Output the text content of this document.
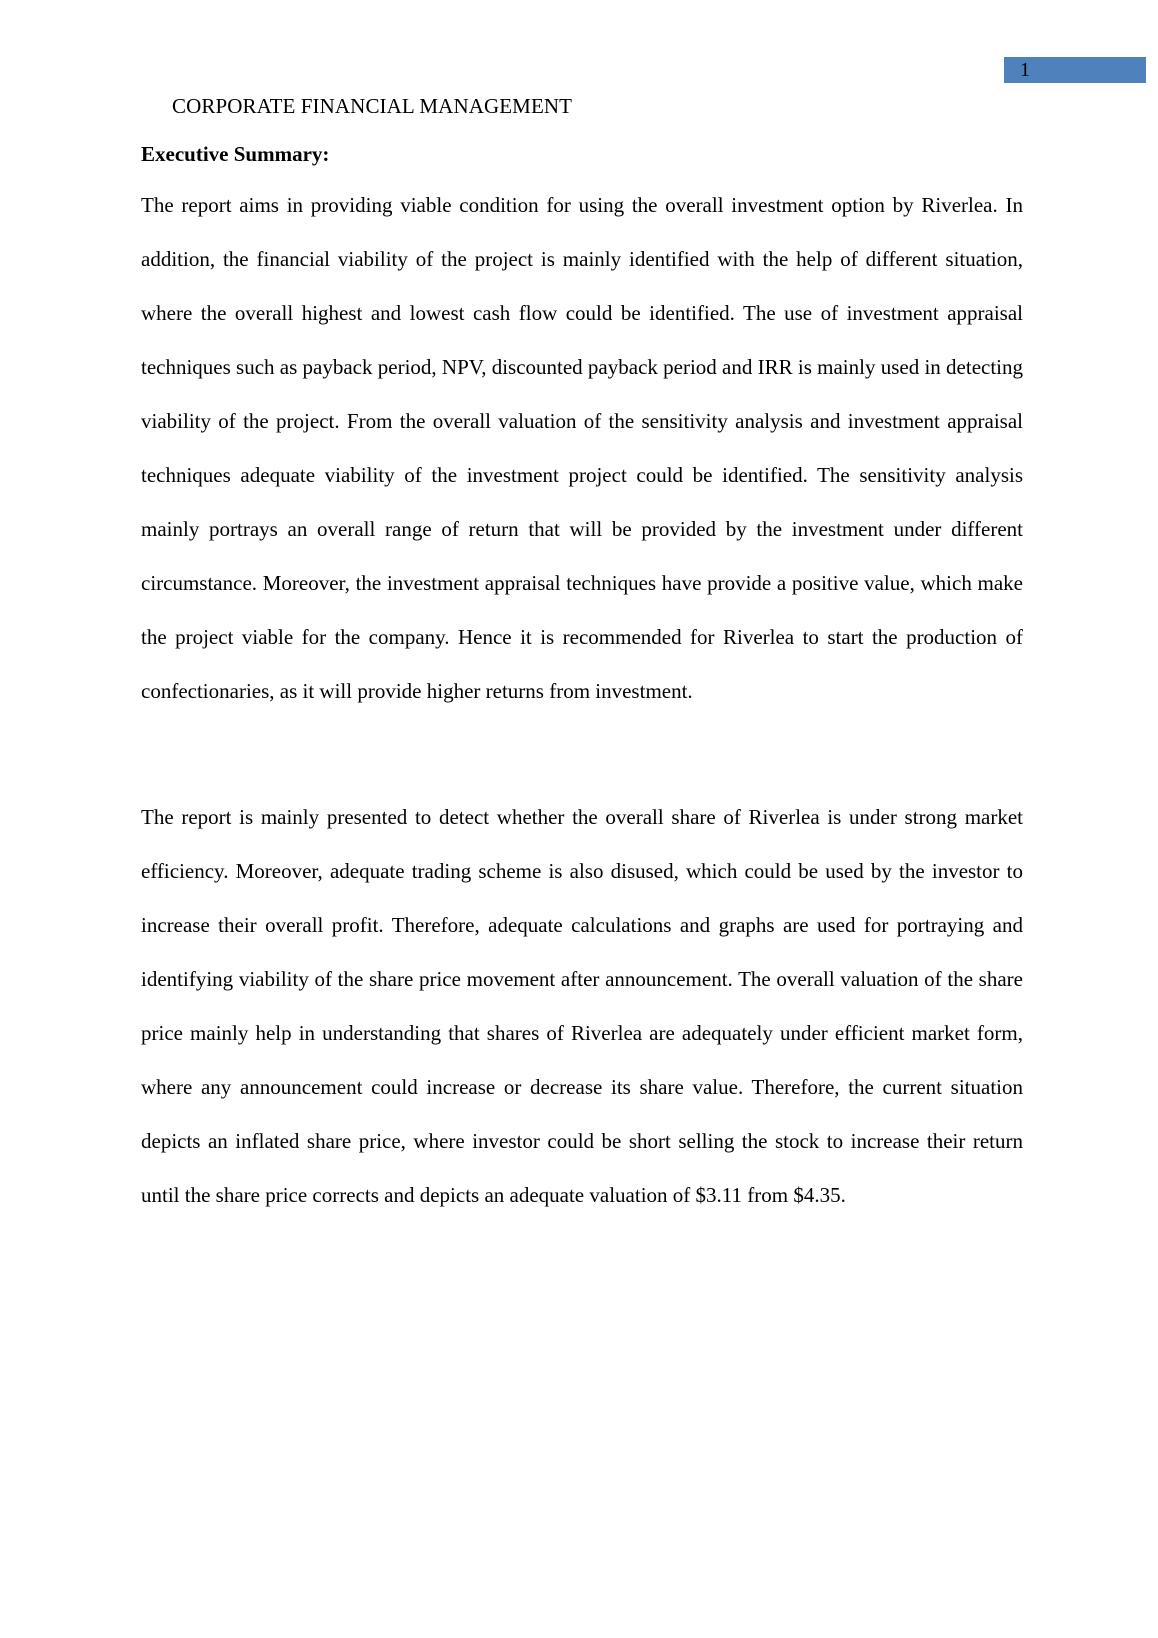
1
CORPORATE FINANCIAL MANAGEMENT
Executive Summary:

The report aims in providing viable condition for using the overall investment option by Riverlea. In addition, the financial viability of the project is mainly identified with the help of different situation, where the overall highest and lowest cash flow could be identified. The use of investment appraisal techniques such as payback period, NPV, discounted payback period and IRR is mainly used in detecting viability of the project. From the overall valuation of the sensitivity analysis and investment appraisal techniques adequate viability of the investment project could be identified. The sensitivity analysis mainly portrays an overall range of return that will be provided by the investment under different circumstance. Moreover, the investment appraisal techniques have provide a positive value, which make the project viable for the company. Hence it is recommended for Riverlea to start the production of confectionaries, as it will provide higher returns from investment.

The report is mainly presented to detect whether the overall share of Riverlea is under strong market efficiency. Moreover, adequate trading scheme is also disused, which could be used by the investor to increase their overall profit. Therefore, adequate calculations and graphs are used for portraying and identifying viability of the share price movement after announcement. The overall valuation of the share price mainly help in understanding that shares of Riverlea are adequately under efficient market form, where any announcement could increase or decrease its share value. Therefore, the current situation depicts an inflated share price, where investor could be short selling the stock to increase their return until the share price corrects and depicts an adequate valuation of $3.11 from $4.35.
